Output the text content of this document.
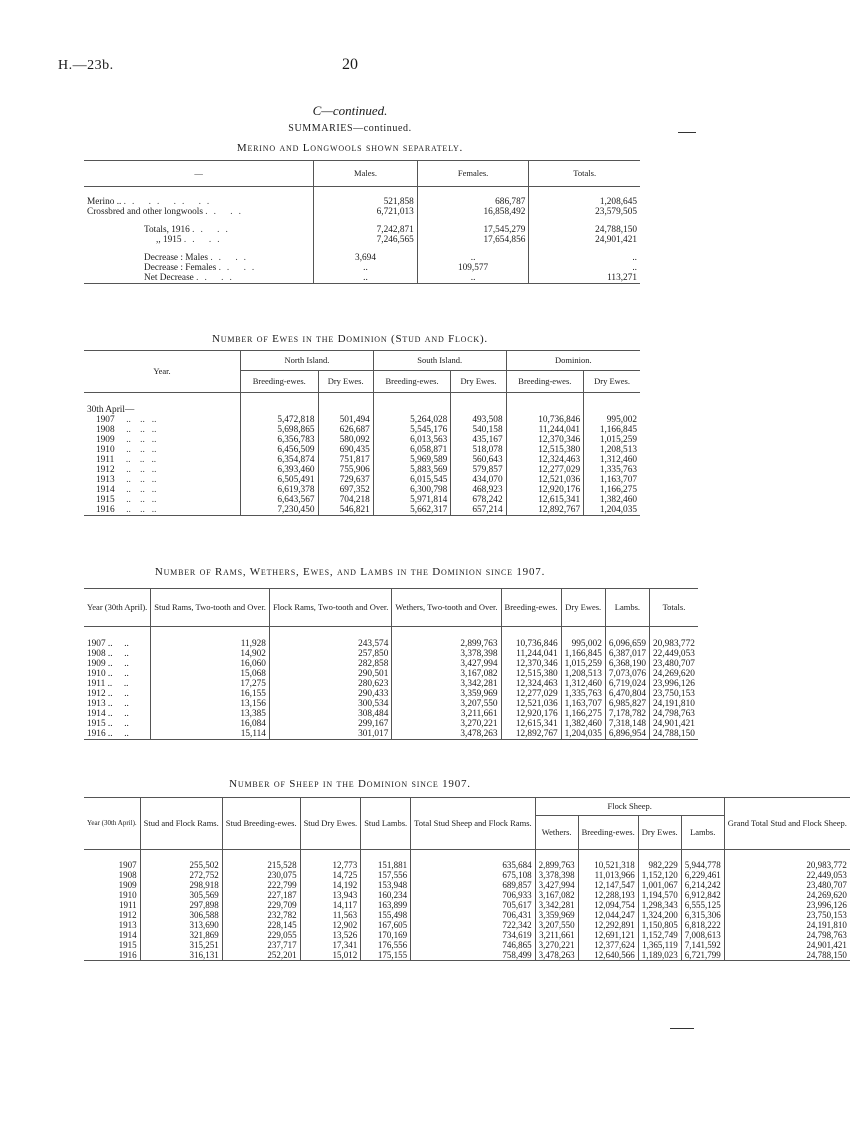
H.—23b.	20
C—continued.
SUMMARIES—continued.
Merino and Longwools shown separately.
—	Males.	Females.	Totals.

Merino .. .. .. .. ..	521,858	686,787	1,208,645
Crossbred and other longwools .. ..	6,721,013	16,858,492	23,579,505

Totals, 1916 .. ..	7,242,871	17,545,279	24,788,150
,, 1915 .. ..	7,246,565	17,654,856	24,901,421

Decrease : Males .. ..	3,694	..	..
Decrease : Females .. ..	..	109,577	..
Net Decrease .. ..	..	..	113,271
Number of Ewes in the Dominion (Stud and Flock).
Year.	North Island.		South Island.		Dominion.	
	Breeding-ewes.	Dry Ewes.	Breeding-ewes.	Dry Ewes.	Breeding-ewes.	Dry Ewes.

30th April—						
1907     ..    ..   ..	5,472,818	501,494	5,264,028	493,508	10,736,846	995,002
1908     ..    ..   ..	5,698,865	626,687	5,545,176	540,158	11,244,041	1,166,845
1909     ..    ..   ..	6,356,783	580,092	6,013,563	435,167	12,370,346	1,015,259
1910     ..    ..   ..	6,456,509	690,435	6,058,871	518,078	12,515,380	1,208,513
1911     ..    ..   ..	6,354,874	751,817	5,969,589	560,643	12,324,463	1,312,460
1912     ..    ..   ..	6,393,460	755,906	5,883,569	579,857	12,277,029	1,335,763
1913     ..    ..   ..	6,505,491	729,637	6,015,545	434,070	12,521,036	1,163,707
1914     ..    ..   ..	6,619,378	697,352	6,300,798	468,923	12,920,176	1,166,275
1915     ..    ..   ..	6,643,567	704,218	5,971,814	678,242	12,615,341	1,382,460
1916     ..    ..   ..	7,230,450	546,821	5,662,317	657,214	12,892,767	1,204,035
Number of Rams, Wethers, Ewes, and Lambs in the Dominion since 1907.
Year (30th April).	Stud Rams, Two-tooth and Over.	Flock Rams, Two-tooth and Over.	Wethers, Two-tooth and Over.	Breeding-ewes.	Dry Ewes.	Lambs.	Totals.

1907 ..     ..	11,928	243,574	2,899,763	10,736,846	995,002	6,096,659	20,983,772
1908 ..     ..	14,902	257,850	3,378,398	11,244,041	1,166,845	6,387,017	22,449,053
1909 ..     ..	16,060	282,858	3,427,994	12,370,346	1,015,259	6,368,190	23,480,707
1910 ..     ..	15,068	290,501	3,167,082	12,515,380	1,208,513	7,073,076	24,269,620
1911 ..     ..	17,275	280,623	3,342,281	12,324,463	1,312,460	6,719,024	23,996,126
1912 ..     ..	16,155	290,433	3,359,969	12,277,029	1,335,763	6,470,804	23,750,153
1913 ..     ..	13,156	300,534	3,207,550	12,521,036	1,163,707	6,985,827	24,191,810
1914 ..     ..	13,385	308,484	3,211,661	12,920,176	1,166,275	7,178,782	24,798,763
1915 ..     ..	16,084	299,167	3,270,221	12,615,341	1,382,460	7,318,148	24,901,421
1916 ..     ..	15,114	301,017	3,478,263	12,892,767	1,204,035	6,896,954	24,788,150
Number of Sheep in the Dominion since 1907.
Year (30th April).	Stud and Flock Rams.	Stud Breeding-ewes.	Stud Dry Ewes.	Stud Lambs.	Total Stud Sheep and Flock Rams.	Flock Sheep.				Grand Total Stud and Flock Sheep.
						Wethers.	Breeding-ewes.	Dry Ewes.	Lambs.	

1907	255,502	215,528	12,773	151,881	635,684	2,899,763	10,521,318	982,229	5,944,778	20,983,772
1908	272,752	230,075	14,725	157,556	675,108	3,378,398	11,013,966	1,152,120	6,229,461	22,449,053
1909	298,918	222,799	14,192	153,948	689,857	3,427,994	12,147,547	1,001,067	6,214,242	23,480,707
1910	305,569	227,187	13,943	160,234	706,933	3,167,082	12,288,193	1,194,570	6,912,842	24,269,620
1911	297,898	229,709	14,117	163,899	705,617	3,342,281	12,094,754	1,298,343	6,555,125	23,996,126
1912	306,588	232,782	11,563	155,498	706,431	3,359,969	12,044,247	1,324,200	6,315,306	23,750,153
1913	313,690	228,145	12,902	167,605	722,342	3,207,550	12,292,891	1,150,805	6,818,222	24,191,810
1914	321,869	229,055	13,526	170,169	734,619	3,211,661	12,691,121	1,152,749	7,008,613	24,798,763
1915	315,251	237,717	17,341	176,556	746,865	3,270,221	12,377,624	1,365,119	7,141,592	24,901,421
1916	316,131	252,201	15,012	175,155	758,499	3,478,263	12,640,566	1,189,023	6,721,799	24,788,150
